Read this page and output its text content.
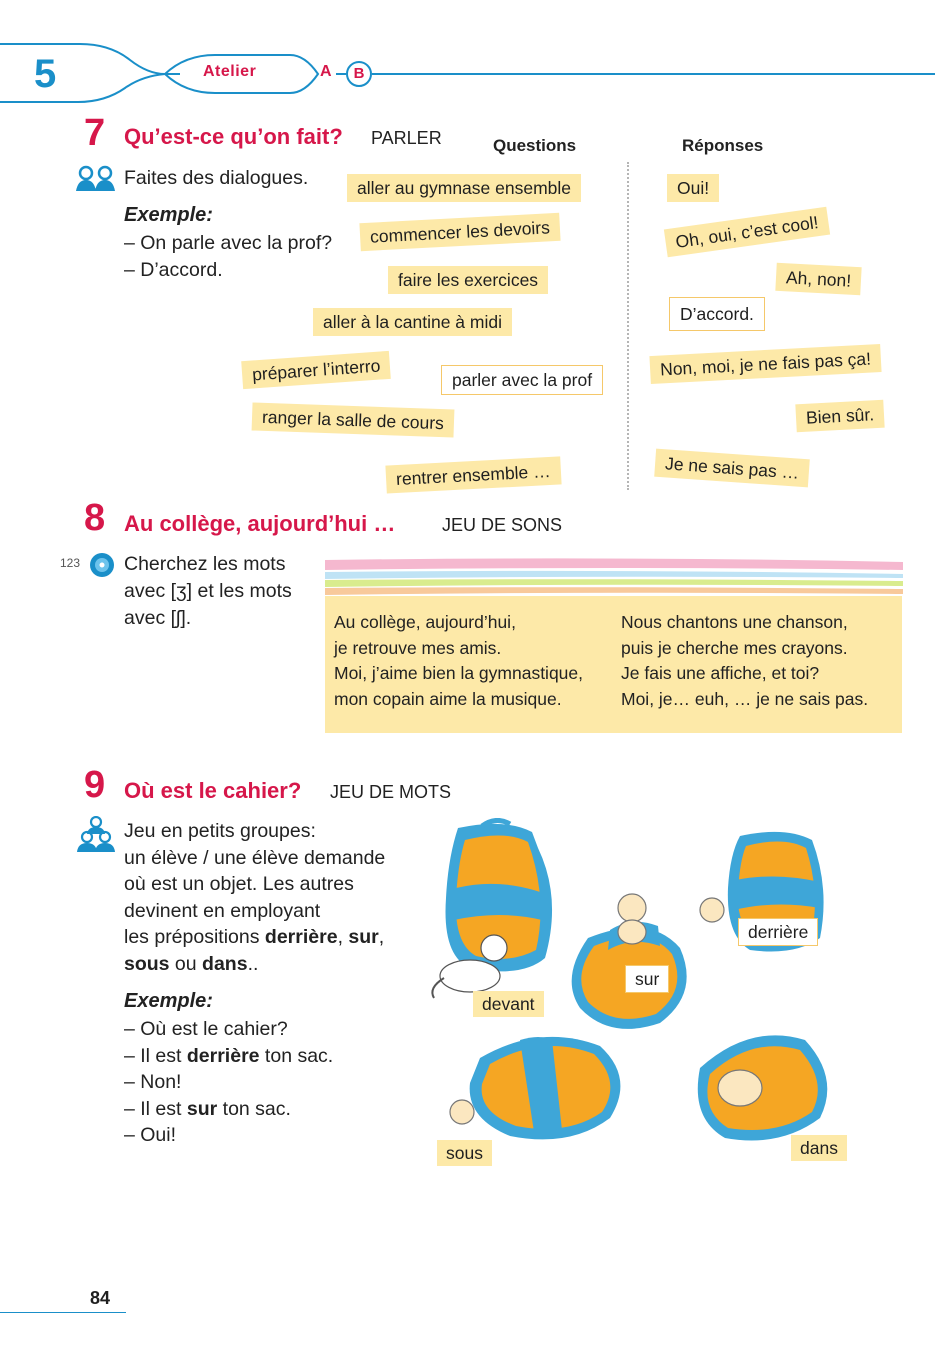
5	Atelier	A	B
7 Qu’est-ce qu’on fait? PARLER	Questions	Réponses
Faites des dialogues.
Exemple:
– On parle avec la prof?
– D’accord.
aller au gymnase ensemble
commencer les devoirs
faire les exercices
aller à la cantine à midi
préparer l’interro	parler avec la prof
ranger la salle de cours
rentrer ensemble …
Oui!
Oh, oui, c’est cool!
Ah, non!
D’accord.
Non, moi, je ne fais pas ça!
Bien sûr.
Je ne sais pas …
8 Au collège, aujourd’hui …	JEU DE SONS
123 Cherchez les mots
avec [ʒ] et les mots
avec [ʃ].	Au collège, aujourd’hui,
je retrouve mes amis.
Moi, j’aime bien la gymnastique,
mon copain aime la musique.
Nous chantons une chanson,
puis je cherche mes crayons.
Je fais une affiche, et toi?
Moi, je… euh, … je ne sais pas.
9 Où est le cahier? JEU DE MOTS
Jeu en petits groupes:
un élève / une élève demande
où est un objet. Les autres
devinent en employant
les prépositions derrière, sur,
sous ou dans..
Exemple:
– Où est le cahier?
– Il est derrière ton sac.
– Non!
– Il est sur ton sac.
– Oui!
derrière
sur
devant
sous	dans
84
